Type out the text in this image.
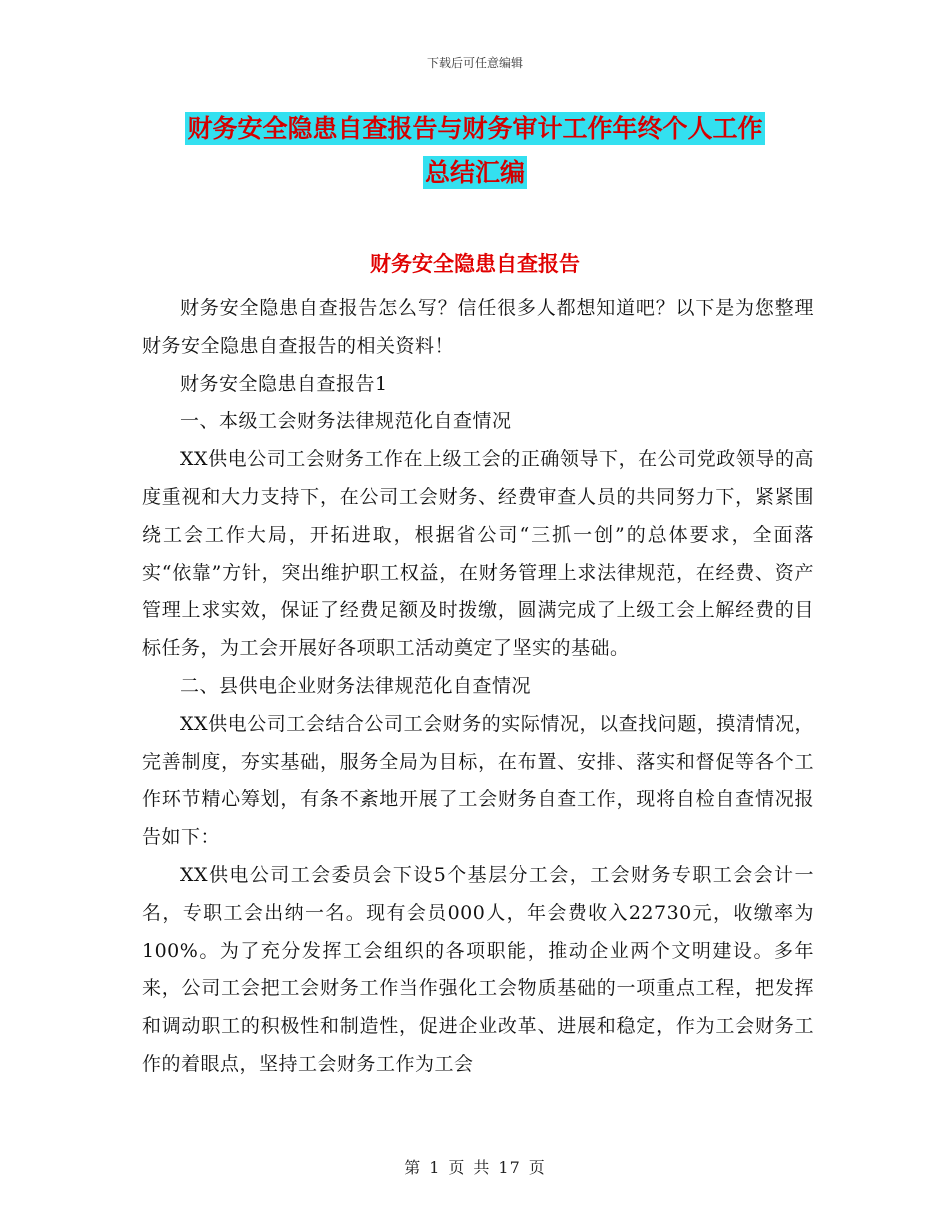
下载后可任意编辑
财务安全隐患自查报告与财务审计工作年终个人工作
总结汇编
财务安全隐患自查报告

财务安全隐患自查报告怎么写？信任很多人都想知道吧？以下是为您整理财务安全隐患自查报告的相关资料！

财务安全隐患自查报告1

一、本级工会财务法律规范化自查情况

XX供电公司工会财务工作在上级工会的正确领导下，在公司党政领导的高度重视和大力支持下，在公司工会财务、经费审查人员的共同努力下，紧紧围绕工会工作大局，开拓进取，根据省公司“三抓一创”的总体要求，全面落实“依靠”方针，突出维护职工权益，在财务管理上求法律规范，在经费、资产管理上求实效，保证了经费足额及时拨缴，圆满完成了上级工会上解经费的目标任务，为工会开展好各项职工活动奠定了坚实的基础。

二、县供电企业财务法律规范化自查情况

XX供电公司工会结合公司工会财务的实际情况，以查找问题，摸清情况，完善制度，夯实基础，服务全局为目标，在布置、安排、落实和督促等各个工作环节精心筹划，有条不紊地开展了工会财务自查工作，现将自检自查情况报告如下：

XX供电公司工会委员会下设5个基层分工会，工会财务专职工会会计一名，专职工会出纳一名。现有会员000人，年会费收入22730元，收缴率为100%。为了充分发挥工会组织的各项职能，推动企业两个文明建设。多年来，公司工会把工会财务工作当作强化工会物质基础的一项重点工程，把发挥和调动职工的积极性和制造性，促进企业改革、进展和稳定，作为工会财务工作的着眼点，坚持工会财务工作为工会

第 1 页 共 17 页
